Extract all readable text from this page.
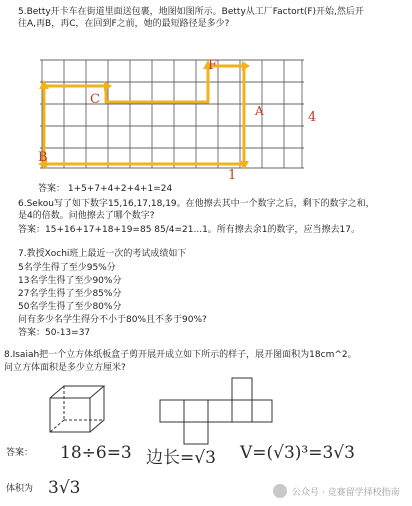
5.Betty开卡车在街道里面送包裹，地图如图所示。Betty从工厂Factort(F)开始,然后开
往A,再B，再C，在回到F之前，她的最短路径是多少?
F
C
B
A	4
1
答案： 1+5+7+4+2+4+1=24
6.Sekou写了如下数字15,16,17,18,19。在他擦去其中一个数字之后，剩下的数字之和，
是4的倍数。问他擦去了哪个数字?
答案：15+16+17+18+19=85 85/4=21...1。所有擦去余1的数字，应当擦去17。
7.教授Xochi班上最近一次的考试成绩如下
5名学生得了至少95%分
13名学生得了至少90%分
27名学生得了至少85%分
50名学生得了至少80%分
问有多少名学生得分不小于80%且不多于90%?
答案：50-13=37
8.Isaiah把一个立方体纸板盒子剪开展开成立如下所示的样子，展开图面积为18cm^2。
问立方体面积是多少立方厘米?
答案： 18÷6=3 边长=√3 V=(√3)³=3√3
体积为 3√3	公众号 · 竞赛留学择校指南
